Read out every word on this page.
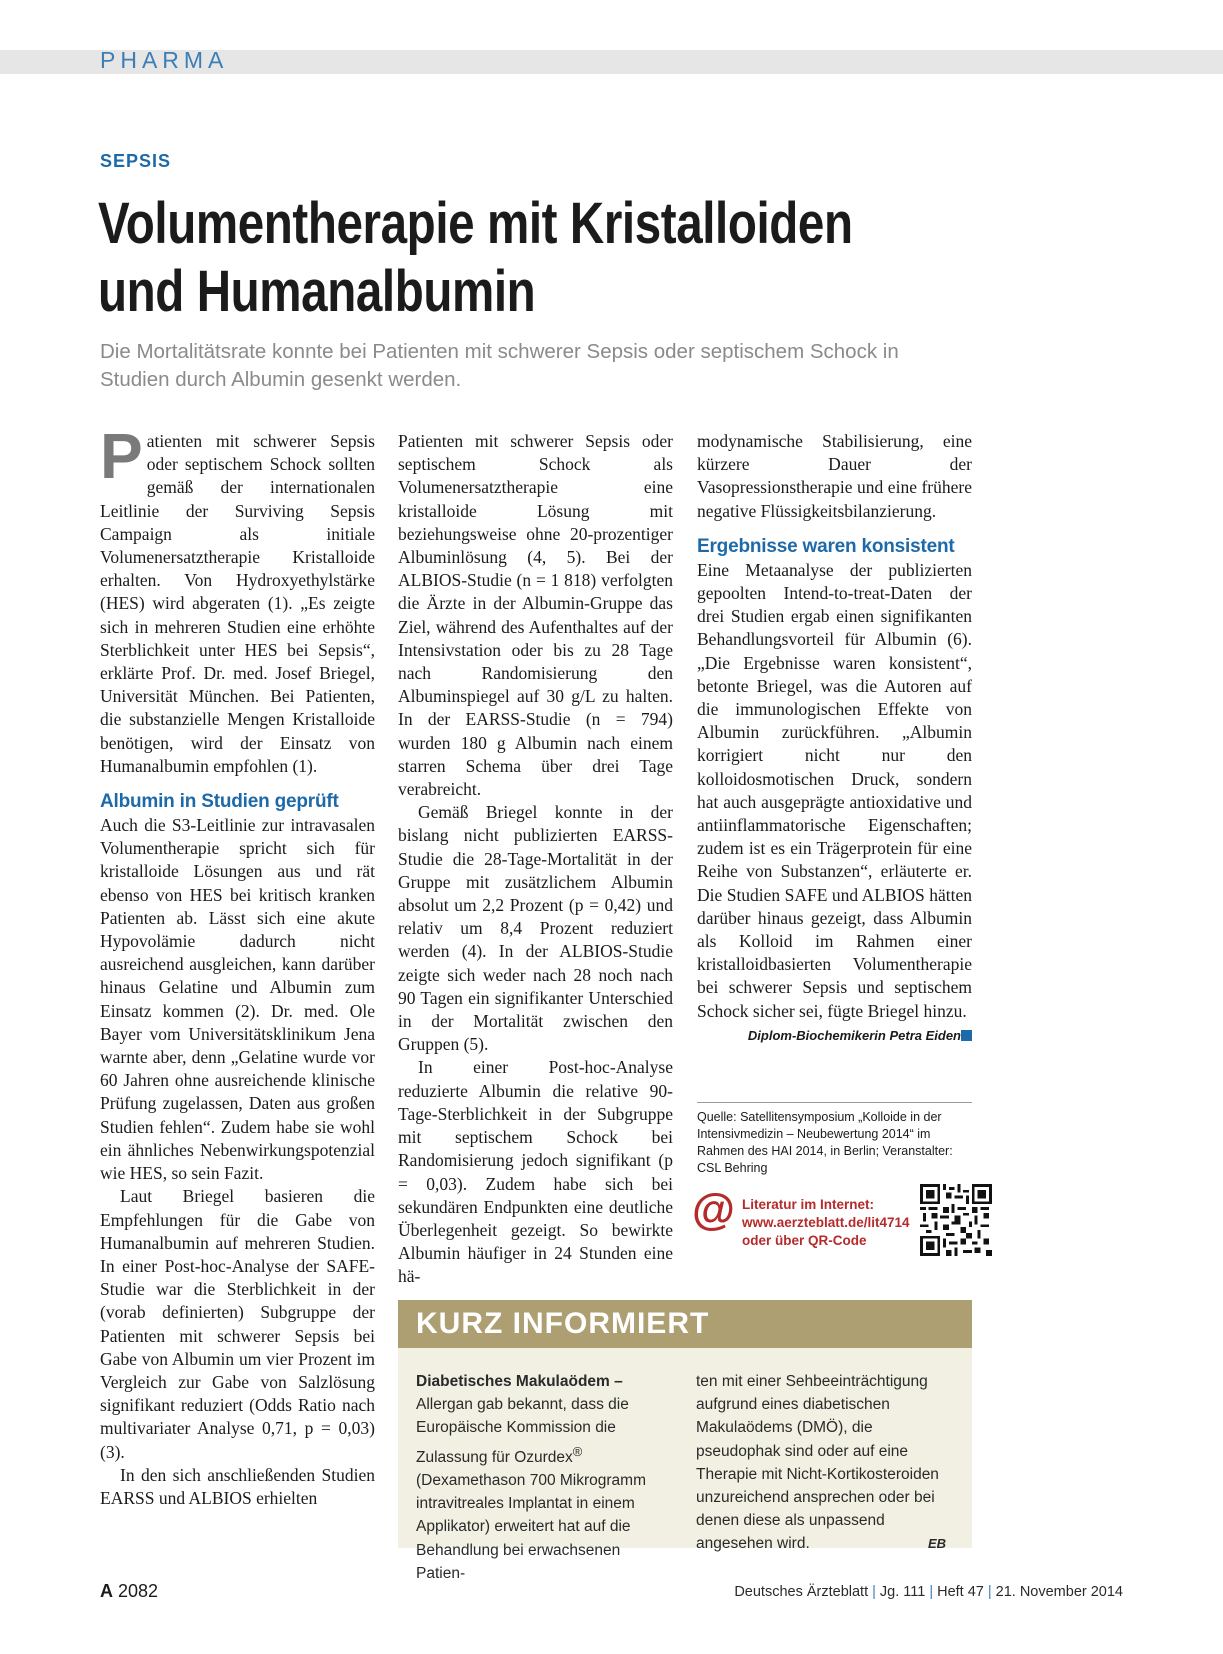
PHARMA
SEPSIS
Volumentherapie mit Kristalloiden
und Humanalbumin

Die Mortalitätsrate konnte bei Patienten mit schwerer Sepsis oder septischem Schock in Studien durch Albumin gesenkt werden.

Patienten mit schwerer Sepsis oder septischem Schock sollten gemäß der internationalen Leitlinie der Surviving Sepsis Campaign als initiale Volumenersatztherapie Kristalloide erhalten. Von Hydroxyethylstärke (HES) wird abgeraten (1). „Es zeigte sich in mehreren Studien eine erhöhte Sterblichkeit unter HES bei Sepsis“, erklärte Prof. Dr. med. Josef Briegel, Universität München. Bei Patienten, die substanzielle Mengen Kristalloide benötigen, wird der Einsatz von Humanalbumin empfohlen (1).

Albumin in Studien geprüft

Auch die S3-Leitlinie zur intravasalen Volumentherapie spricht sich für kristalloide Lösungen aus und rät ebenso von HES bei kritisch kranken Patienten ab. Lässt sich eine akute Hypovolämie dadurch nicht ausreichend ausgleichen, kann darüber hinaus Gelatine und Albumin zum Einsatz kommen (2). Dr. med. Ole Bayer vom Universitätsklinikum Jena warnte aber, denn „Gelatine wurde vor 60 Jahren ohne ausreichende klinische Prüfung zugelassen, Daten aus großen Studien fehlen“. Zudem habe sie wohl ein ähnliches Nebenwirkungspotenzial wie HES, so sein Fazit.

Laut Briegel basieren die Empfehlungen für die Gabe von Humanalbumin auf mehreren Studien. In einer Post-hoc-Analyse der SAFE-Studie war die Sterblichkeit in der (vorab definierten) Subgruppe der Patienten mit schwerer Sepsis bei Gabe von Albumin um vier Prozent im Vergleich zur Gabe von Salzlösung signifikant reduziert (Odds Ratio nach multivariater Analyse 0,71, p = 0,03) (3).

In den sich anschließenden Studien EARSS und ALBIOS erhielten

Patienten mit schwerer Sepsis oder septischem Schock als Volumenersatztherapie eine kristalloide Lösung mit beziehungsweise ohne 20-prozentiger Albuminlösung (4, 5). Bei der ALBIOS-Studie (n = 1 818) verfolgten die Ärzte in der Albumin-Gruppe das Ziel, während des Aufenthaltes auf der Intensivstation oder bis zu 28 Tage nach Randomisierung den Albuminspiegel auf 30 g/L zu halten. In der EARSS-Studie (n = 794) wurden 180 g Albumin nach einem starren Schema über drei Tage verabreicht.

Gemäß Briegel konnte in der bislang nicht publizierten EARSS-Studie die 28-Tage-Mortalität in der Gruppe mit zusätzlichem Albumin absolut um 2,2 Prozent (p = 0,42) und relativ um 8,4 Prozent reduziert werden (4). In der ALBIOS-Studie zeigte sich weder nach 28 noch nach 90 Tagen ein signifikanter Unterschied in der Mortalität zwischen den Gruppen (5).

In einer Post-hoc-Analyse reduzierte Albumin die relative 90-Tage-Sterblichkeit in der Subgruppe mit septischem Schock bei Randomisierung jedoch signifikant (p = 0,03). Zudem habe sich bei sekundären Endpunkten eine deutliche Überlegenheit gezeigt. So bewirkte Albumin häufiger in 24 Stunden eine hä-

modynamische Stabilisierung, eine kürzere Dauer der Vasopressionstherapie und eine frühere negative Flüssigkeitsbilanzierung.

Ergebnisse waren konsistent

Eine Metaanalyse der publizierten gepoolten Intend-to-treat-Daten der drei Studien ergab einen signifikanten Behandlungsvorteil für Albumin (6). „Die Ergebnisse waren konsistent“, betonte Briegel, was die Autoren auf die immunologischen Effekte von Albumin zurückführen. „Albumin korrigiert nicht nur den kolloidosmotischen Druck, sondern hat auch ausgeprägte antioxidative und antiinflammatorische Eigenschaften; zudem ist es ein Trägerprotein für eine Reihe von Substanzen“, erläuterte er. Die Studien SAFE und ALBIOS hätten darüber hinaus gezeigt, dass Albumin als Kolloid im Rahmen einer kristalloidbasierten Volumentherapie bei schwerer Sepsis und septischem Schock sicher sei, fügte Briegel hinzu.

Diplom-Biochemikerin Petra Eiden
Quelle: Satellitensymposium „Kolloide in der Intensivmedizin – Neubewertung 2014“ im Rahmen des HAI 2014, in Berlin; Veranstalter: CSL Behring
@ Literatur im Internet:
www.aerzteblatt.de/lit4714
oder über QR-Code
KURZ INFORMIERT

Diabetisches Makulaödem – Allergan gab bekannt, dass die Europäische Kommission die Zulassung für Ozurdex® (Dexamethason 700 Mikrogramm intravitreales Implantat in einem Applikator) erweitert hat auf die Behandlung bei erwachsenen Patien-

ten mit einer Sehbeeinträchtigung aufgrund eines diabetischen Makulaödems (DMÖ), die pseudophak sind oder auf eine Therapie mit Nicht-Kortikosteroiden unzureichend ansprechen oder bei denen diese als unpassend angesehen wird.	EB

A 2082	Deutsches Ärzteblatt | Jg. 111 | Heft 47 | 21. November 2014
